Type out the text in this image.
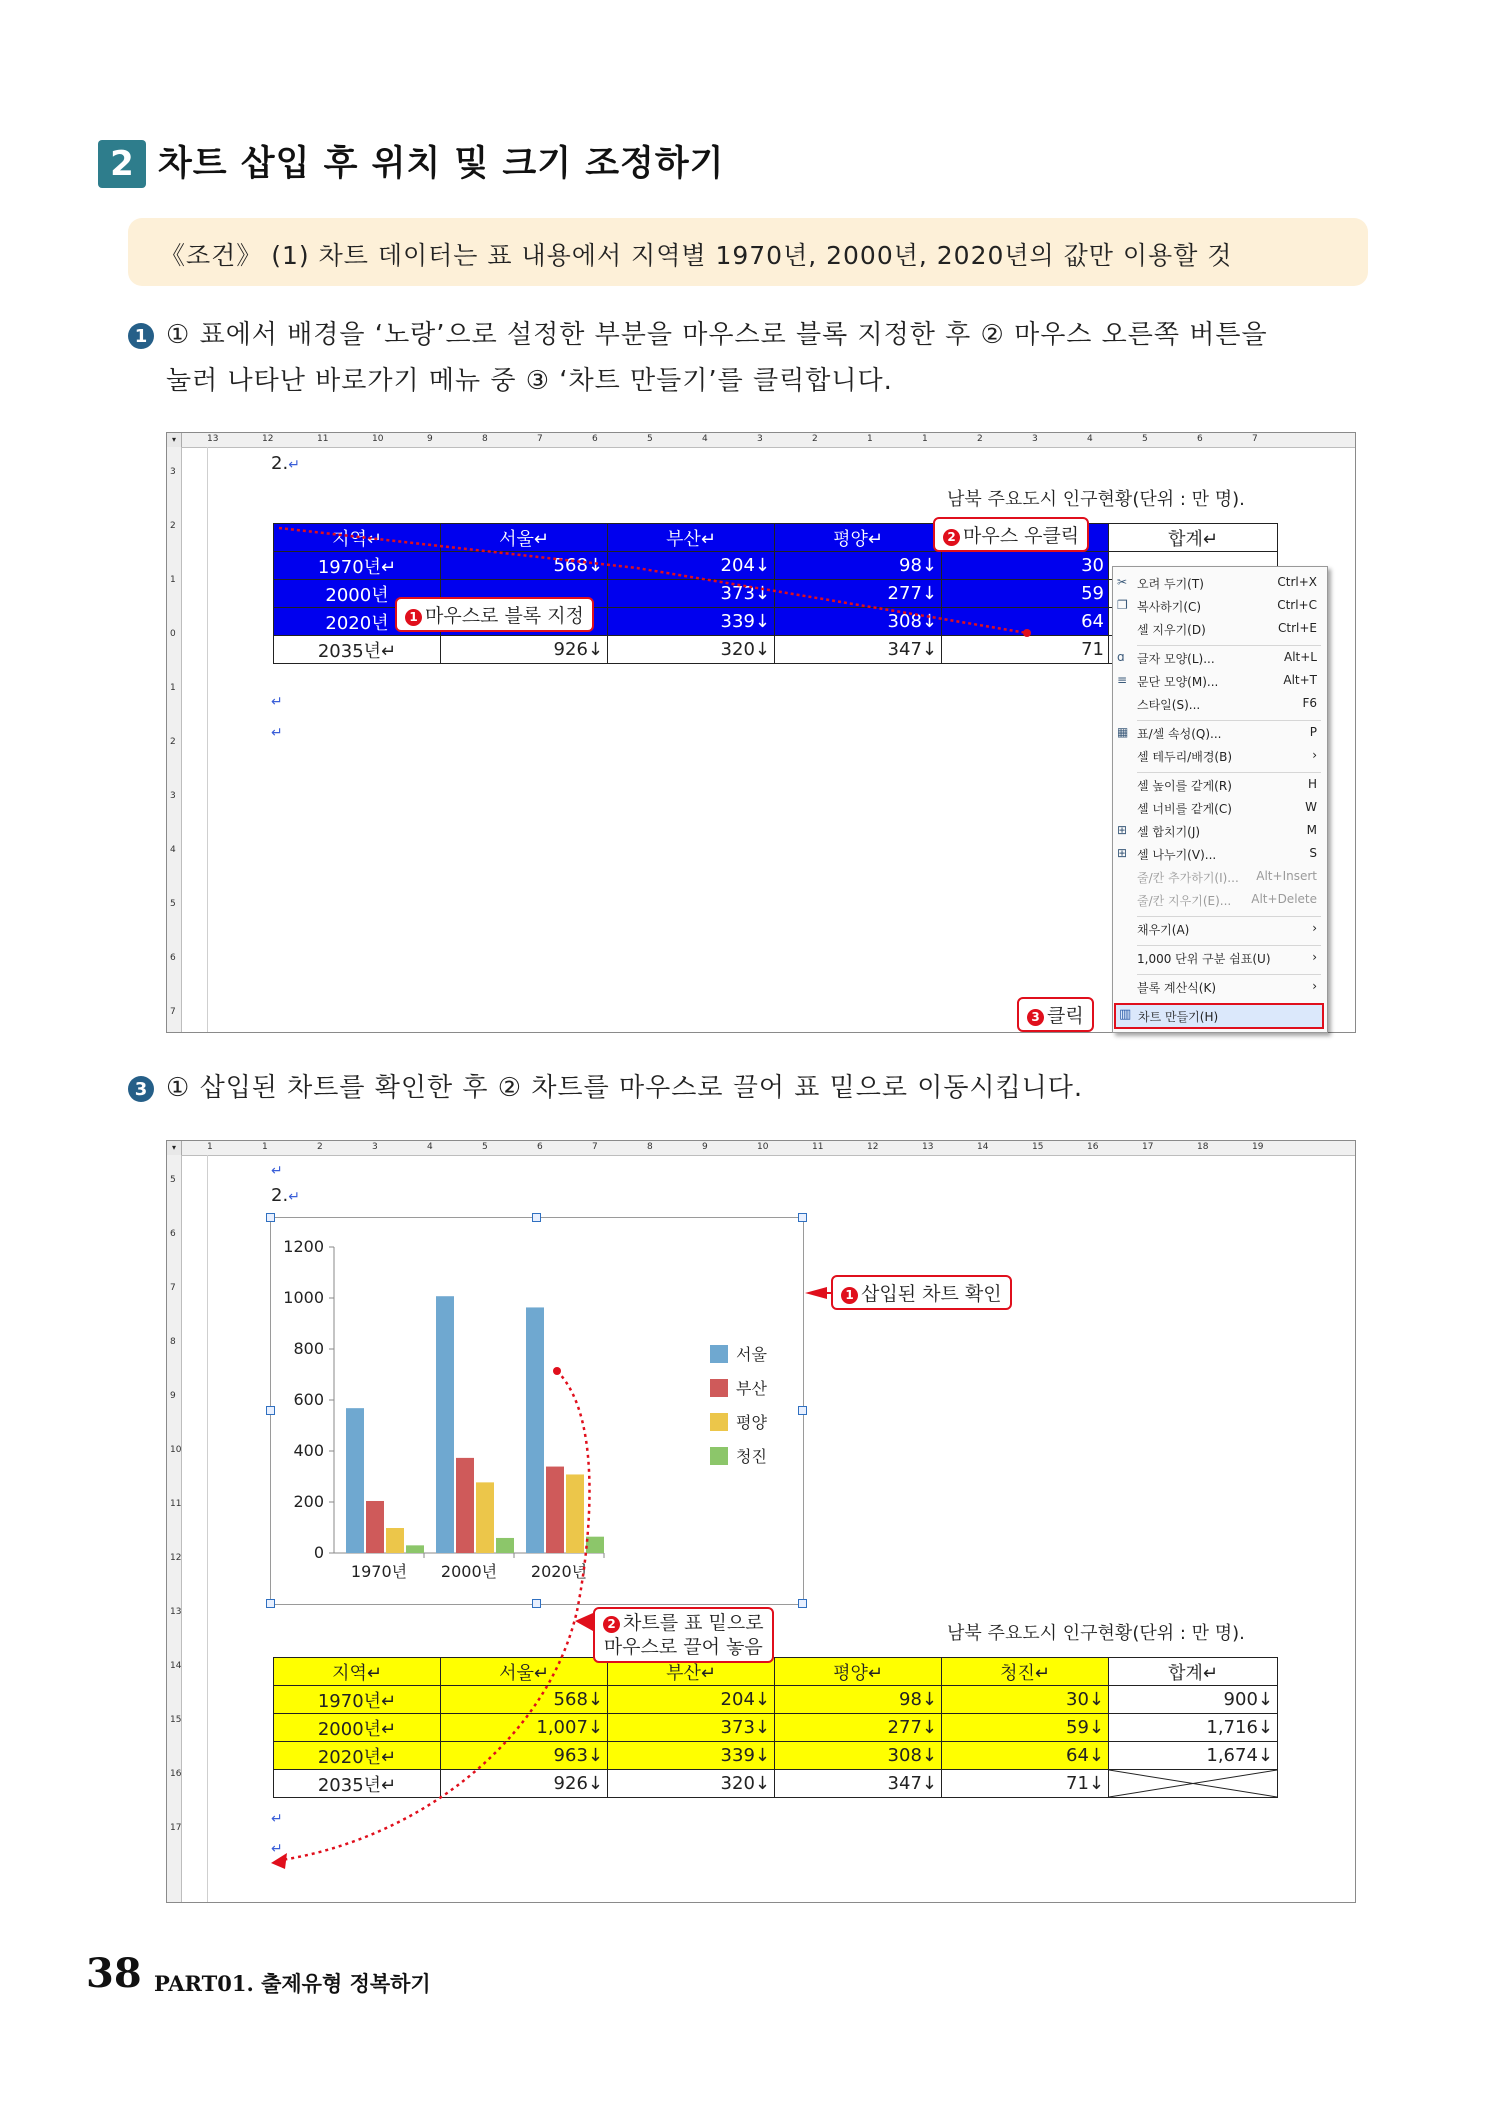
2 차트 삽입 후 위치 및 크기 조정하기
《조건》 (1) 차트 데이터는 표 내용에서 지역별 1970년, 2000년, 2020년의 값만 이용할 것
1 ① 표에서 배경을 ‘노랑’으로 설정한 부분을 마우스로 블록 지정한 후 ② 마우스 오른쪽 버튼을
눌러 나타난 바로가기 메뉴 중 ③ ‘차트 만들기’를 클릭합니다.
▾	13	12	11	10	9	8	7	6	5	4	3	2	1	1	2	3	4	5	6	7
3
2
1
0
1
2
3
4
5
6
7
2.↵
남북 주요도시 인구현황(단위 : 만 명).
지역↵	서울↵	부산↵	평양↵		합계↵
1970년↵	568↓	204↓	98↓	30	
2000년		373↓	277↓	59	
2020년		339↓	308↓	64	
2035년↵	926↓	320↓	347↓	71	
↵
↵
1 마우스로 블록 지정
2 마우스 우클릭
3 클릭
✂ 오려 두기(T)	Ctrl+X
❐ 복사하기(C)	Ctrl+C
셀 지우기(D)	Ctrl+E
ɑ	글자 모양(L)...	Alt+L
≡ 문단 모양(M)...	Alt+T
스타일(S)...	F6
▦ 표/셀 속성(Q)...	P
셀 테두리/배경(B)	›
셀 높이를 같게(R)	H
셀 너비를 같게(C)	W
⊞ 셀 합치기(J)	M
⊞ 셀 나누기(V)...	S
줄/칸 추가하기(I)... Alt+Insert
줄/칸 지우기(E)... Alt+Delete
채우기(A)	›
1,000 단위 구분 쉼표(U)	›
블록 계산식(K)	›
▥ 차트 만들기(H)
3 ① 삽입된 차트를 확인한 후 ② 차트를 마우스로 끌어 표 밑으로 이동시킵니다.
▾	1	1	2	3	4	5	6	7	8	9	10	11	12	13	14	15	16	17	18	19
5
6
7
8
9
10
11
12
13
14
15
16
17
↵
2.↵
0
200
400
600
800
1000
1200
1970년 2000년 2020년
서울
부산
평양
청진
남북 주요도시 인구현황(단위 : 만 명).
지역↵	서울↵	부산↵	평양↵	청진↵	합계↵
1970년↵	568↓	204↓	98↓	30↓	900↓
2000년↵	1,007↓	373↓	277↓	59↓	1,716↓
2020년↵	963↓	339↓	308↓	64↓	1,674↓
2035년↵	926↓	320↓	347↓	71↓	
↵
↵
1 삽입된 차트 확인
2 차트를 표 밑으로
마우스로 끌어 놓음
38 PART01. 출제유형 정복하기
